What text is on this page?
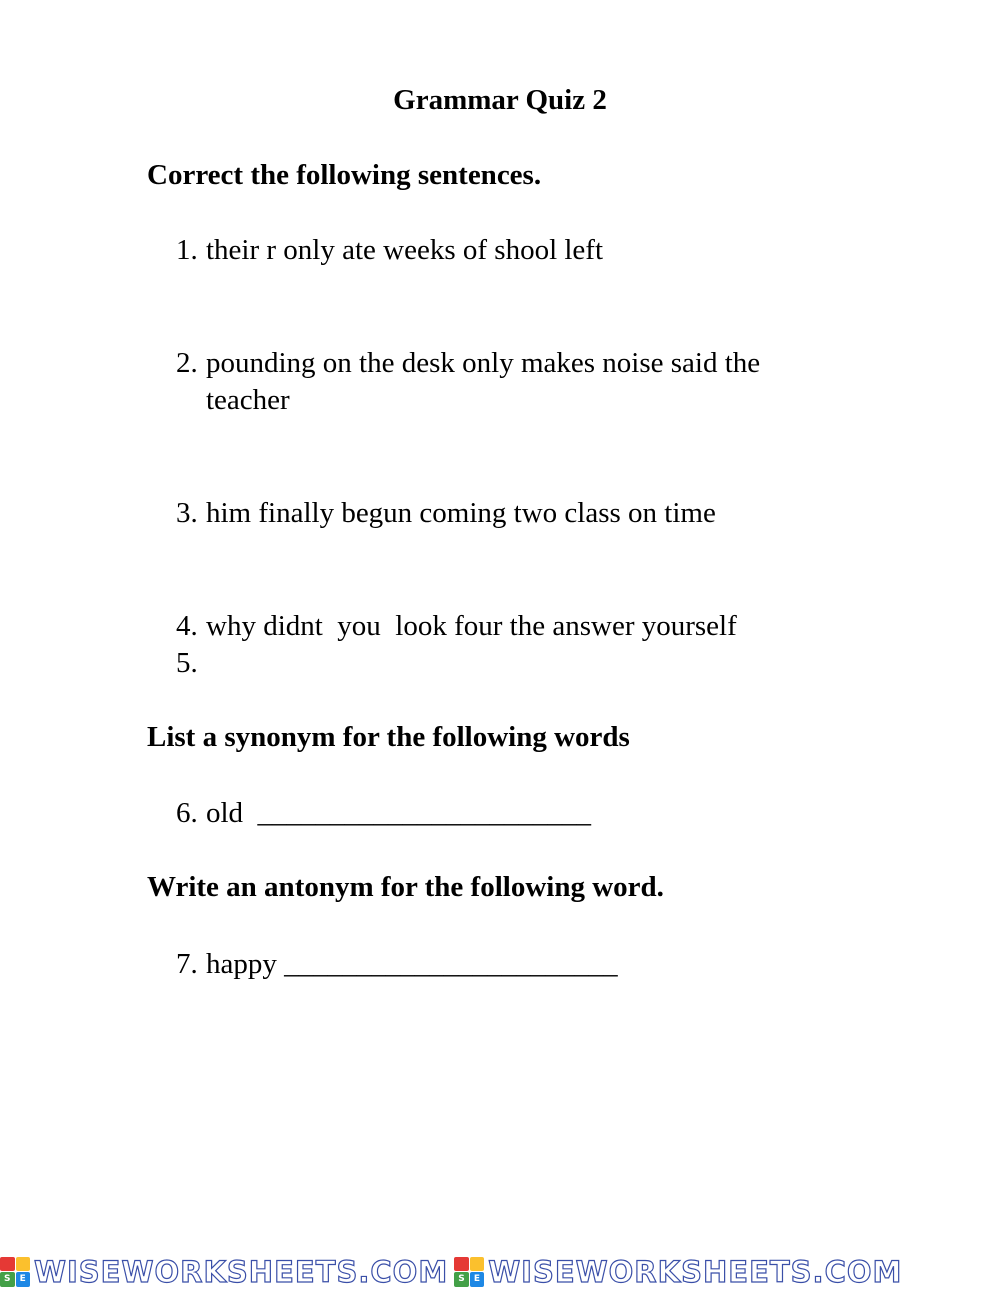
Grammar Quiz 2
Correct the following sentences.
1. their r only ate weeks of shool left
2. pounding on the desk only makes noise said the
teacher
3. him finally begun coming two class on time
4. why didnt  you  look four the answer yourself
5.
List a synonym for the following words
6. old  _______________________
Write an antonym for the following word.
7. happy _______________________
S	E WISEWORKSHEETS.COM	S	E WISEWORKSHEETS.COM
